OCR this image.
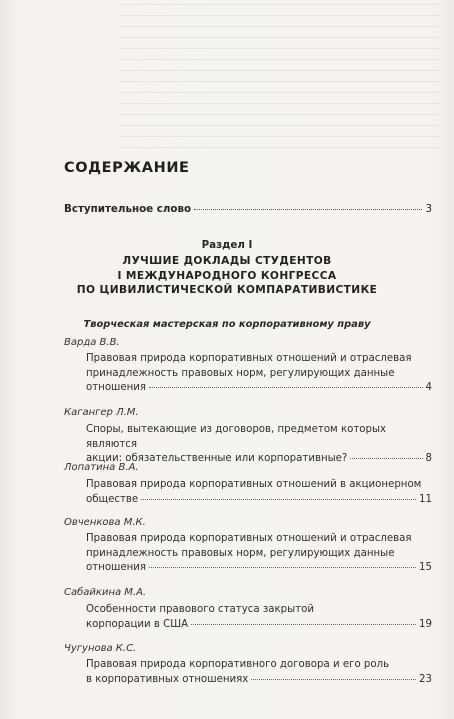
СОДЕРЖАНИЕ
Вступительное слово	3
Раздел I
ЛУЧШИЕ ДОКЛАДЫ СТУДЕНТОВ
I МЕЖДУНАРОДНОГО КОНГРЕССА
ПО ЦИВИЛИСТИЧЕСКОЙ КОМПАРАТИВИСТИКЕ
Творческая мастерская по корпоративному праву
Варда В.В.
Правовая природа корпоративных отношений и отраслевая
принадлежность правовых норм, регулирующих данные
отношения	4
Кагангер Л.М.
Споры, вытекающие из договоров, предметом которых являются
акции: обязательственные или корпоративные?	8
Лопатина В.А.
Правовая природа корпоративных отношений в акционерном
обществе	11
Овченкова М.К.
Правовая природа корпоративных отношений и отраслевая
принадлежность правовых норм, регулирующих данные
отношения	15
Сабайкина М.А.
Особенности правового статуса закрытой
корпорации в США	19
Чугунова К.С.
Правовая природа корпоративного договора и его роль
в корпоративных отношениях	23
